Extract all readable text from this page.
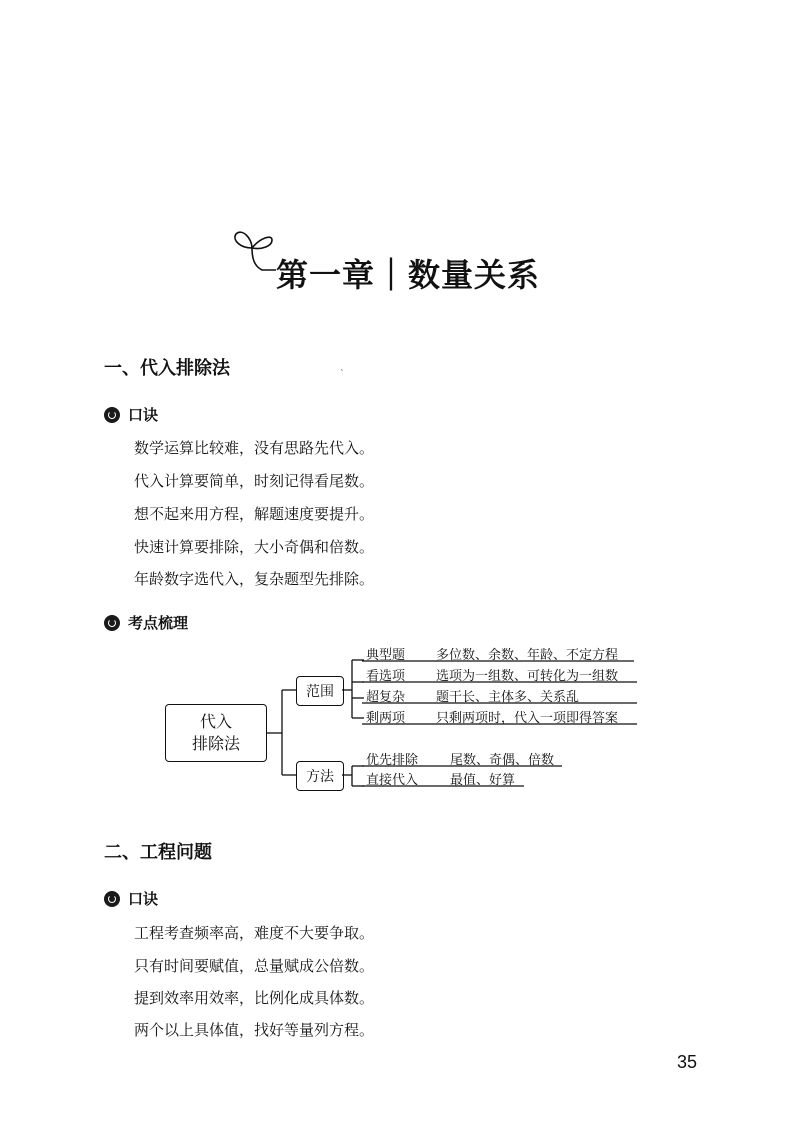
第一章｜数量关系
一、代入排除法	ˎ
口诀
数学运算比较难，没有思路先代入。
代入计算要简单，时刻记得看尾数。
想不起来用方程，解题速度要提升。
快速计算要排除，大小奇偶和倍数。
年龄数字选代入，复杂题型先排除。
考点梳理
代入
排除法
范围
方法
典型题 多位数、余数、年龄、不定方程
看选项 选项为一组数、可转化为一组数
超复杂 题干长、主体多、关系乱
剩两项 只剩两项时，代入一项即得答案
优先排除 尾数、奇偶、倍数
直接代入 最值、好算
二、工程问题
口诀
工程考查频率高，难度不大要争取。
只有时间要赋值，总量赋成公倍数。
提到效率用效率，比例化成具体数。
两个以上具体值，找好等量列方程。
35
